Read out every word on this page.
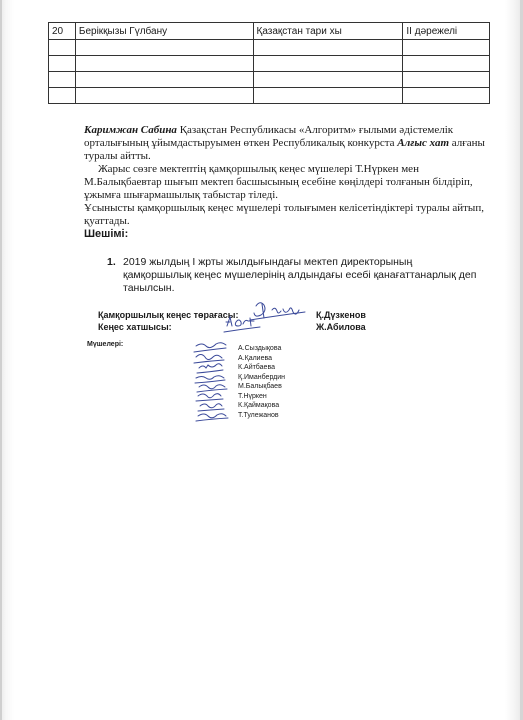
20	Берікқызы Гүлбану	Қазақстан тари хы	II дәрежелі

Каримжан Сабина Қазақстан Республикасы «Алгоритм» ғылыми әдістемелік орталығының ұйымдастыруымен өткен Республикалық конкурста Алғыс хат алғаны туралы айтты.

Жарыс сөзге мектептің қамқоршылық кеңес мүшелері Т.Нүркен мен М.Балықбаевтар шығып мектеп басшысының есебіне көңілдері толғанын білдіріп, ұжымға шығармашылық табыстар тіледі.

Ұсынысты қамқоршылық кеңес мүшелері толығымен келісетіндіктері туралы айтып, қуаттады.

Шешімі:

1. 2019 жылдың I жрты жылдығындағы мектеп директорының қамқоршылық кеңес мүшелерінің алдындағы есебі қанағаттанарлық деп танылсын.
Қамқоршылық кеңес төрағасы:	Қ.Дүзкенов
Кеңес хатшысы:	Ж.Абилова
Мүшелері:
А.Сыздықова
А.Қалиева
К.Айтбаева
Қ.Иманбердин
М.Балықбаев
Т.Нүркен
К.Қаймақова
Т.Тулежанов
